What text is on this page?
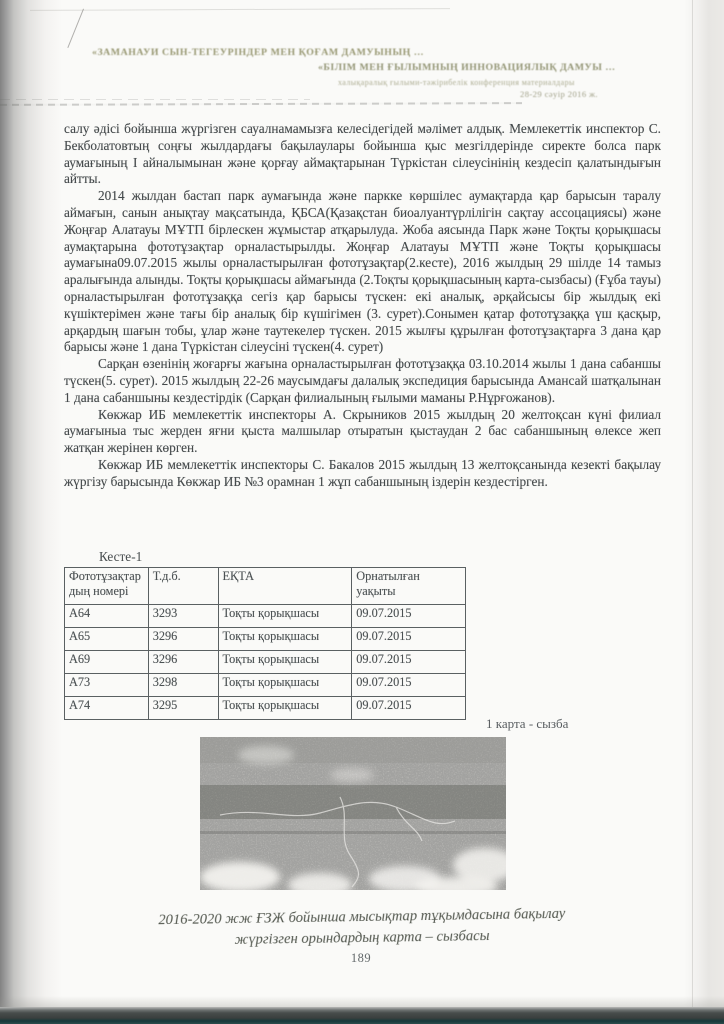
«ЗАМАНАУИ СЫН-ТЕГЕУРІНДЕР МЕН ҚОҒАМ ДАМУЫНЫҢ …
«БІЛІМ МЕН ҒЫЛЫМНЫҢ ИННОВАЦИЯЛЫҚ ДАМУЫ …
халықаралық ғылыми-тәжірибелік конференция материалдары
28-29 сәуір 2016 ж.

салу әдісі бойынша жүргізген сауалнамамызға келесідегідей мәлімет алдық. Мемлекеттік инспектор С. Бекболатовтың соңғы жылдардағы бақылаулары бойынша қыс мезгілдерінде сиректе болса парк аумағының І айналымынан және қорғау аймақтарынан Түркістан сілеусінінің кездесіп қалатындығын айтты.

2014 жылдан бастап парк аумағында және паркке көршілес аумақтарда қар барысын таралу аймағын, санын анықтау мақсатында, ҚБСА(Қазақстан биоалуантүрлілігін сақтау ассоцациясы) және Жоңғар Алатауы МҰТП бірлескен жұмыстар атқарылуда. Жоба аясында Парк және Тоқты қорықшасы аумақтарына фототұзақтар орналастырылды. Жоңғар Алатауы МҰТП және Тоқты қорықшасы аумағына09.07.2015 жылы орналастырылған фототұзақтар(2.кесте), 2016 жылдың 29 шілде 14 тамыз аралығында алынды. Тоқты қорықшасы аймағында (2.Тоқты қорықшасының карта-сызбасы) (Ғұба тауы) орналастырылған фототұзаққа сегіз қар барысы түскен: екі аналық, әрқайсысы бір жылдық екі күшіктерімен және тағы бір аналық бір күшігімен (3. сурет).Сонымен қатар фототұзаққа үш қасқыр, арқардың шағын тобы, ұлар және таутекелер түскен. 2015 жылғы құрылған фототұзақтарға 3 дана қар барысы және 1 дана Түркістан сілеусіні түскен(4. сурет)

Сарқан өзенінің жоғарғы жағына орналастырылған фототұзаққа 03.10.2014 жылы 1 дана сабаншы түскен(5. сурет). 2015 жылдың 22-26 маусымдағы далалық экспедиция барысында Амансай шатқалынан 1 дана сабаншыны кездестірдік (Сарқан филиалының ғылыми маманы Р.Нұрғожанов).

Көкжар ИБ мемлекеттік инспекторы А. Скрыников 2015 жылдың 20 желтоқсан күні филиал аумағыныа тыс жерден яғни қыста малшылар отыратын қыстаудан 2 бас сабаншының өлексе жеп жатқан жерінен көрген.

Көкжар ИБ мемлекеттік инспекторы С. Бакалов 2015 жылдың 13 желтоқсанында кезекті бақылау жүргізу барысында Көкжар ИБ №3 орамнан 1 жұп сабаншының іздерін кездестірген.

Кесте-1
Фототұзақтардың номері	Т.д.б.	ЕҚТА	Орнатылған уақыты
А64	3293	Тоқты қорықшасы	09.07.2015
А65	3296	Тоқты қорықшасы	09.07.2015
А69	3296	Тоқты қорықшасы	09.07.2015
А73	3298	Тоқты қорықшасы	09.07.2015
А74	3295	Тоқты қорықшасы	09.07.2015
1 карта - сызба
2016-2020 жж ҒЗЖ бойынша мысықтар тұқымдасына бақылау
жүргізген орындардың карта – сызбасы
189
